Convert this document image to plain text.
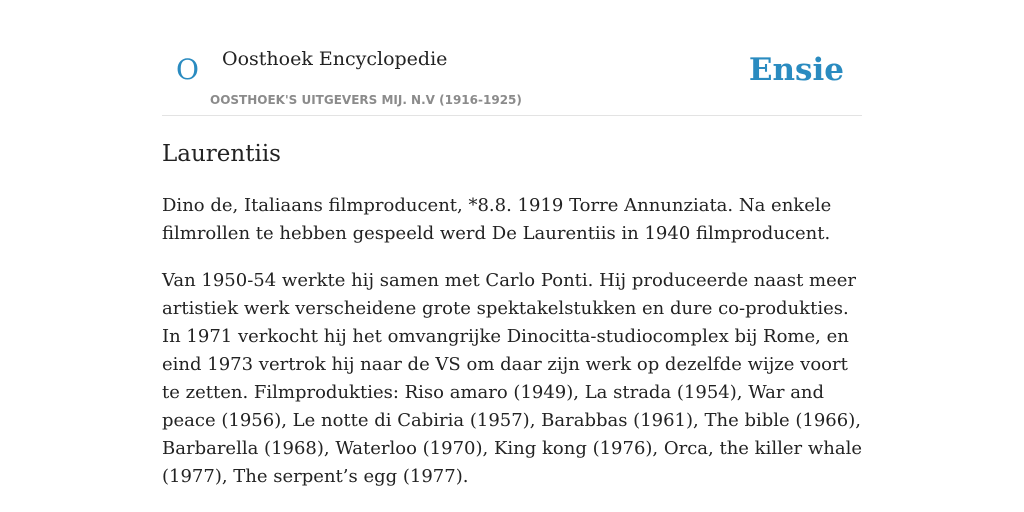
O Oosthoek Encyclopedie
OOSTHOEK'S UITGEVERS MIJ. N.V (1916-1925)
Ensie
Laurentiis

Dino de, Italiaans filmproducent, *8.8. 1919 Torre Annunziata. Na enkele filmrollen te hebben gespeeld werd De Laurentiis in 1940 filmproducent.

Van 1950-54 werkte hij samen met Carlo Ponti. Hij produceerde naast meer artistiek werk verscheidene grote spektakelstukken en dure co-produkties. In 1971 verkocht hij het omvangrijke Dinocitta-studiocomplex bij Rome, en eind 1973 vertrok hij naar de VS om daar zijn werk op dezelfde wijze voort te zetten. Filmprodukties: Riso amaro (1949), La strada (1954), War and peace (1956), Le notte di Cabiria (1957), Barabbas (1961), The bible (1966), Barbarella (1968), Waterloo (1970), King kong (1976), Orca, the killer whale (1977), The serpent’s egg (1977).
